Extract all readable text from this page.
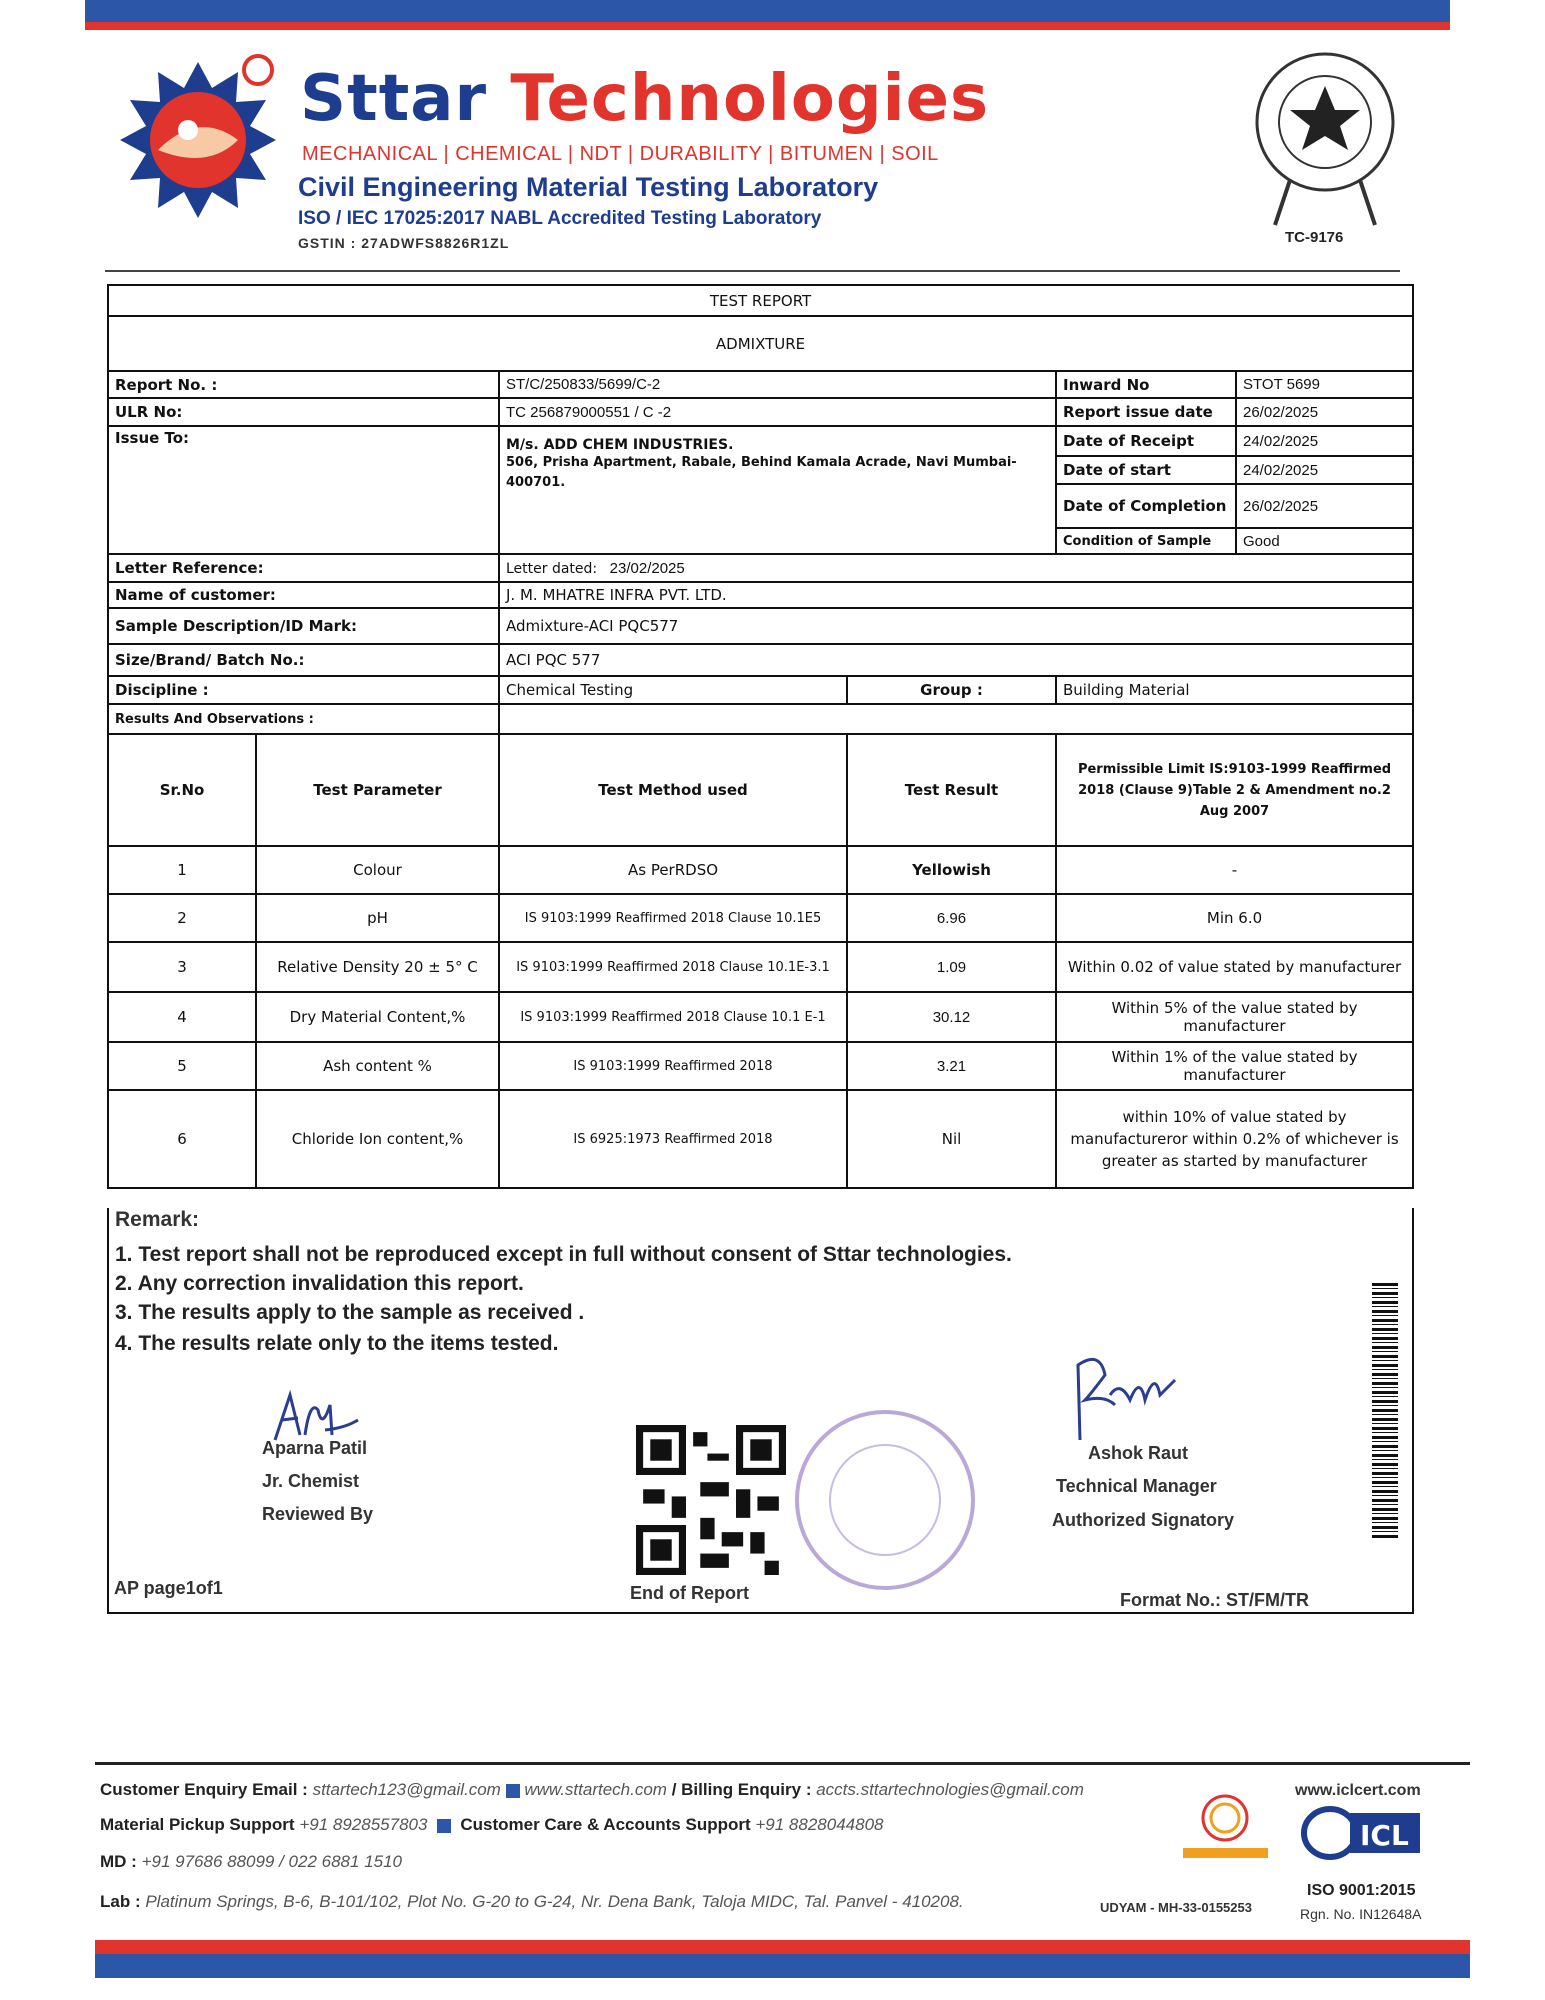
Sttar Technologies
MECHANICAL | CHEMICAL | NDT | DURABILITY | BITUMEN | SOIL
Civil Engineering Material Testing Laboratory
ISO / IEC 17025:2017 NABL Accredited Testing Laboratory
GSTIN : 27ADWFS8826R1ZL	TC-9176
TEST REPORT					
ADMIXTURE					
Report No. :		ST/C/250833/5699/C-2		Inward No	STOT 5699
ULR No:		TC 256879000551 / C -2		Report issue date	26/02/2025
Issue To:		M/s. ADD CHEM INDUSTRIES.
506, Prisha Apartment, Rabale, Behind Kamala Acrade, Navi Mumbai-400701.		Date of Receipt	24/02/2025
				Date of start	24/02/2025
				Date of Completion	26/02/2025
				Condition of Sample	Good
Letter Reference:		Letter dated: 23/02/2025			
Name of customer:		J. M. MHATRE INFRA PVT. LTD.			
Sample Description/ID Mark:		Admixture-ACI PQC577			
Size/Brand/ Batch No.:		ACI PQC 577			
Discipline :		Chemical Testing	Group :	Building Material	
Results And Observations :					
Sr.No	Test Parameter	Test Method used	Test Result	Permissible Limit IS:9103-1999 Reaffirmed 2018 (Clause 9)Table 2 & Amendment no.2 Aug 2007	
1	Colour	As PerRDSO	Yellowish	-	
2	pH	IS 9103:1999 Reaffirmed 2018 Clause 10.1E5	6.96	Min 6.0	
3	Relative Density 20 ± 5° C	IS 9103:1999 Reaffirmed 2018 Clause 10.1E-3.1	1.09	Within 0.02 of value stated by manufacturer	
4	Dry Material Content,%	IS 9103:1999 Reaffirmed 2018 Clause 10.1 E-1	30.12	Within 5% of the value stated by manufacturer	
5	Ash content %	IS 9103:1999 Reaffirmed 2018	3.21	Within 1% of the value stated by manufacturer	
6	Chloride Ion content,%	IS 6925:1973 Reaffirmed 2018	Nil	within 10% of value stated by manufactureror within 0.2% of whichever is greater as started by manufacturer	
Remark:
1. Test report shall not be reproduced except in full without consent of Sttar technologies.
2. Any correction invalidation this report.
3. The results apply to the sample as received .
4. The results relate only to the items tested.
Aparna Patil
Jr. Chemist
Reviewed By
End of Report
Ashok Raut
Technical Manager
Authorized Signatory
AP page1of1
Format No.: ST/FM/TR
Customer Enquiry Email : sttartech123@gmail.com www.sttartech.com / Billing Enquiry : accts.sttartechnologies@gmail.com
Material Pickup Support +91 8928557803 Customer Care & Accounts Support +91 8828044808
MD : +91 97686 88099 / 022 6881 1510
Lab : Platinum Springs, B-6, B-101/102, Plot No. G-20 to G-24, Nr. Dena Bank, Taloja MIDC, Tal. Panvel - 410208.	UDYAM - MH-33-0155253
www.iclcert.com
ICL
ISO 9001:2015
Rgn. No. IN12648A
